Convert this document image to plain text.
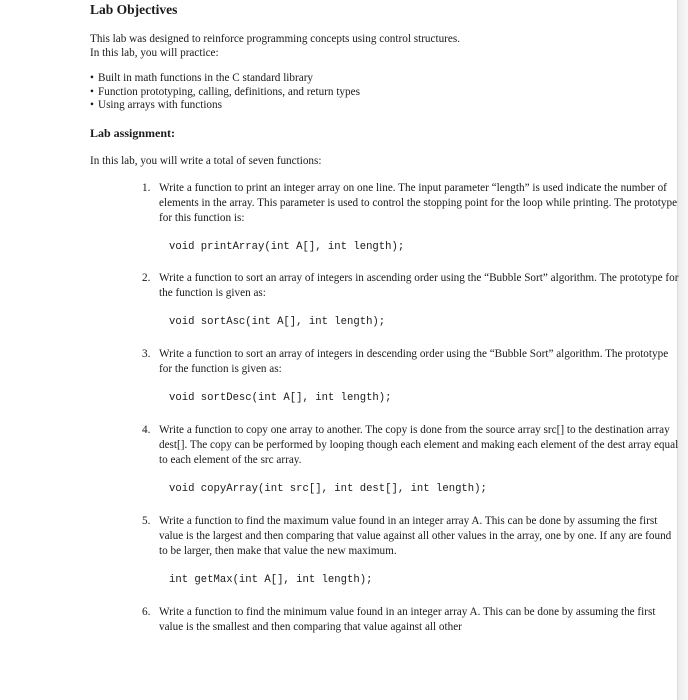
Lab Objectives
This lab was designed to reinforce programming concepts using control structures.
In this lab, you will practice:
• Built in math functions in the C standard library
• Function prototyping, calling, definitions, and return types
• Using arrays with functions
Lab assignment:

In this lab, you will write a total of seven functions:

1. Write a function to print an integer array on one line. The input parameter “length” is used indicate the number of elements in the array. This parameter is used to control the stopping point for the loop while printing. The prototype for this function is:

void printArray(int A[], int length);
2. Write a function to sort an array of integers in ascending order using the “Bubble Sort” algorithm. The prototype for the function is given as:

void sortAsc(int A[], int length);
3. Write a function to sort an array of integers in descending order using the “Bubble Sort” algorithm. The prototype for the function is given as:

void sortDesc(int A[], int length);
4. Write a function to copy one array to another. The copy is done from the source array src[] to the destination array dest[]. The copy can be performed by looping though each element and making each element of the dest array equal to each element of the src array.

void copyArray(int src[], int dest[], int length);
5. Write a function to find the maximum value found in an integer array A. This can be done by assuming the first value is the largest and then comparing that value against all other values in the array, one by one. If any are found to be larger, then make that value the new maximum.

int getMax(int A[], int length);
6. Write a function to find the minimum value found in an integer array A. This can be done by assuming the first value is the smallest and then comparing that value against all other
